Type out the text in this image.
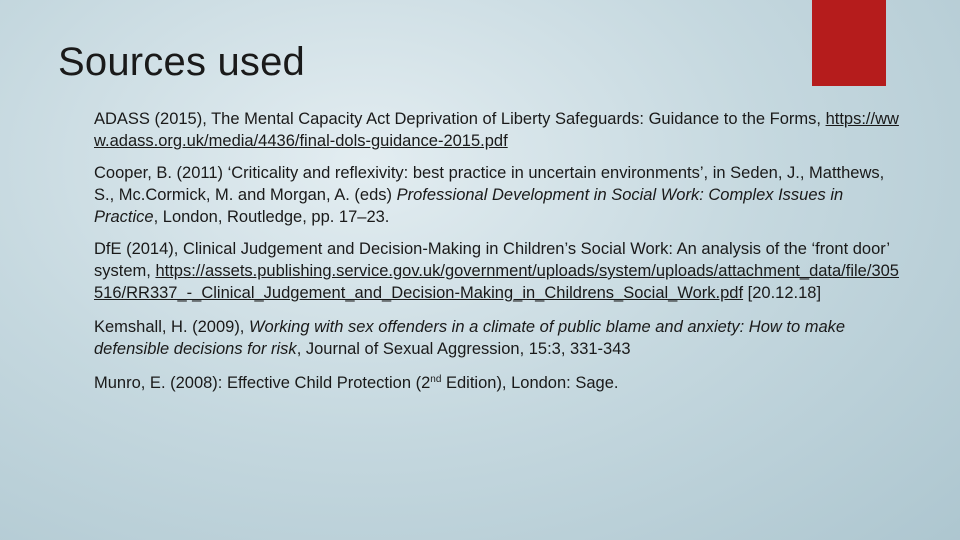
Sources used

ADASS (2015), The Mental Capacity Act Deprivation of Liberty Safeguards: Guidance to the Forms, https://www.adass.org.uk/media/4436/final-dols-guidance-2015.pdf

Cooper, B. (2011) ‘Criticality and reflexivity: best practice in uncertain environments’, in Seden, J., Matthews, S., Mc.Cormick, M. and Morgan, A. (eds) Professional Development in Social Work: Complex Issues in Practice, London, Routledge, pp. 17–23.

DfE (2014), Clinical Judgement and Decision-Making in Children’s Social Work: An analysis of the ‘front door’ system, https://assets.publishing.service.gov.uk/government/uploads/system/uploads/attachment_data/file/305516/RR337_-_Clinical_Judgement_and_Decision-Making_in_Childrens_Social_Work.pdf [20.12.18]

Kemshall, H. (2009), Working with sex offenders in a climate of public blame and anxiety: How to make defensible decisions for risk, Journal of Sexual Aggression, 15:3, 331-343

Munro, E. (2008): Effective Child Protection (2nd Edition), London: Sage.
